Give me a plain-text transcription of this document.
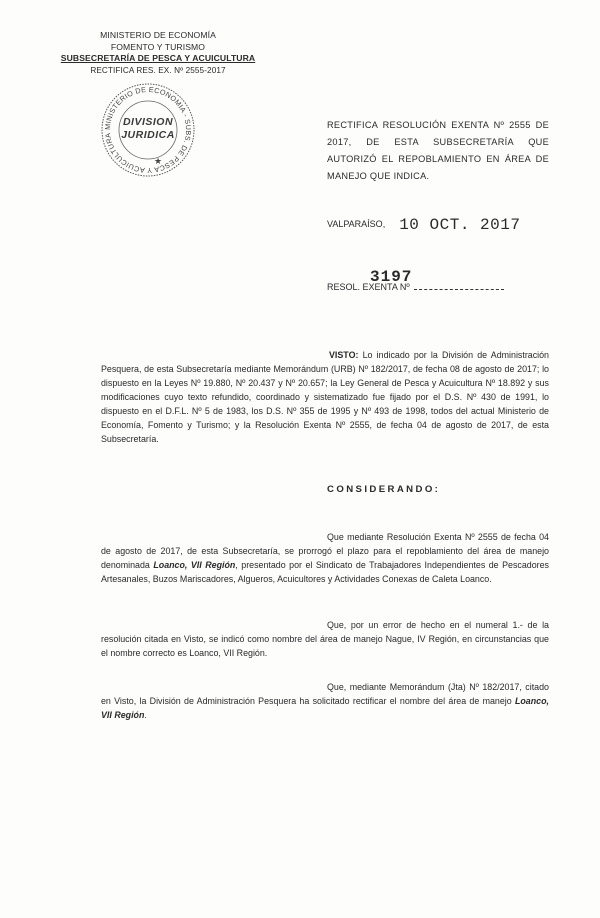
MINISTERIO DE ECONOMÍA
FOMENTO Y TURISMO
SUBSECRETARÍA DE PESCA Y ACUICULTURA
RECTIFICA RES. EX. Nº 2555-2017
MINISTERIO DE ECONOMIA - SUBS. DE PESCA Y ACUICULTURA
★
DIVISION
JURIDICA
RECTIFICA RESOLUCIÓN EXENTA Nº 2555 DE 2017, DE ESTA SUBSECRETARÍA QUE AUTORIZÓ EL REPOBLAMIENTO EN ÁREA DE MANEJO QUE INDICA.
VALPARAÍSO, 10 OCT. 2017
3197
RESOL. EXENTA Nº
VISTO: Lo indicado por la División de Administración Pesquera, de esta Subsecretaría mediante Memorándum (URB) Nº 182/2017, de fecha 08 de agosto de 2017; lo dispuesto en la Leyes Nº 19.880, Nº 20.437 y Nº 20.657; la Ley General de Pesca y Acuicultura Nº 18.892 y sus modificaciones cuyo texto refundido, coordinado y sistematizado fue fijado por el D.S. Nº 430 de 1991, lo dispuesto en el D.F.L. Nº 5 de 1983, los D.S. Nº 355 de 1995 y Nº 493 de 1998, todos del actual Ministerio de Economía, Fomento y Turismo; y la Resolución Exenta Nº 2555, de fecha 04 de agosto de 2017, de esta Subsecretaría.
CONSIDERANDO:
Que mediante Resolución Exenta Nº 2555 de fecha 04 de agosto de 2017, de esta Subsecretaría, se prorrogó el plazo para el repoblamiento del área de manejo denominada Loanco, VII Región, presentado por el Sindicato de Trabajadores Independientes de Pescadores Artesanales, Buzos Mariscadores, Algueros, Acuicultores y Actividades Conexas de Caleta Loanco.
Que, por un error de hecho en el numeral 1.- de la resolución citada en Visto, se indicó como nombre del área de manejo Nague, IV Región, en circunstancias que el nombre correcto es Loanco, VII Región.
Que, mediante Memorándum (Jta) Nº 182/2017, citado en Visto, la División de Administración Pesquera ha solicitado rectificar el nombre del área de manejo Loanco, VII Región.
